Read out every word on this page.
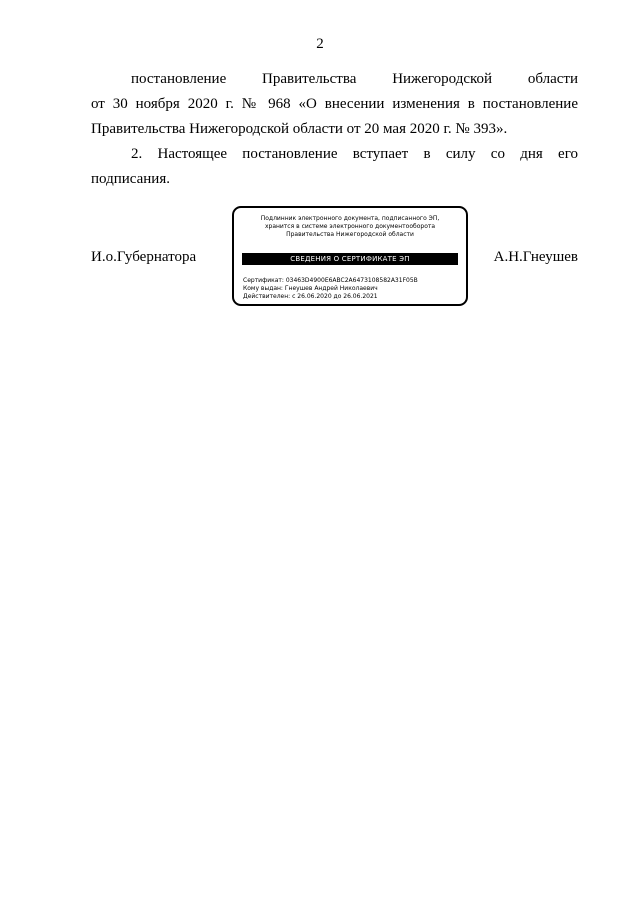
2
постановление Правительства Нижегородской области
от 30 ноября 2020 г. № 968 «О внесении изменения в постановление
Правительства Нижегородской области от 20 мая 2020 г. № 393».
2. Настоящее постановление вступает в силу со дня его
подписания.
И.о.Губернатора
Подлинник электронного документа, подписанного ЭП,
хранится в системе электронного документооборота
Правительства Нижегородской области
СВЕДЕНИЯ О СЕРТИФИКАТЕ ЭП
Сертификат: 03463D4900E6ABC2A6473108582A31F05B
Кому выдан: Гнеушев Андрей Николаевич
Действителен: с 26.06.2020 до 26.06.2021
А.Н.Гнеушев
